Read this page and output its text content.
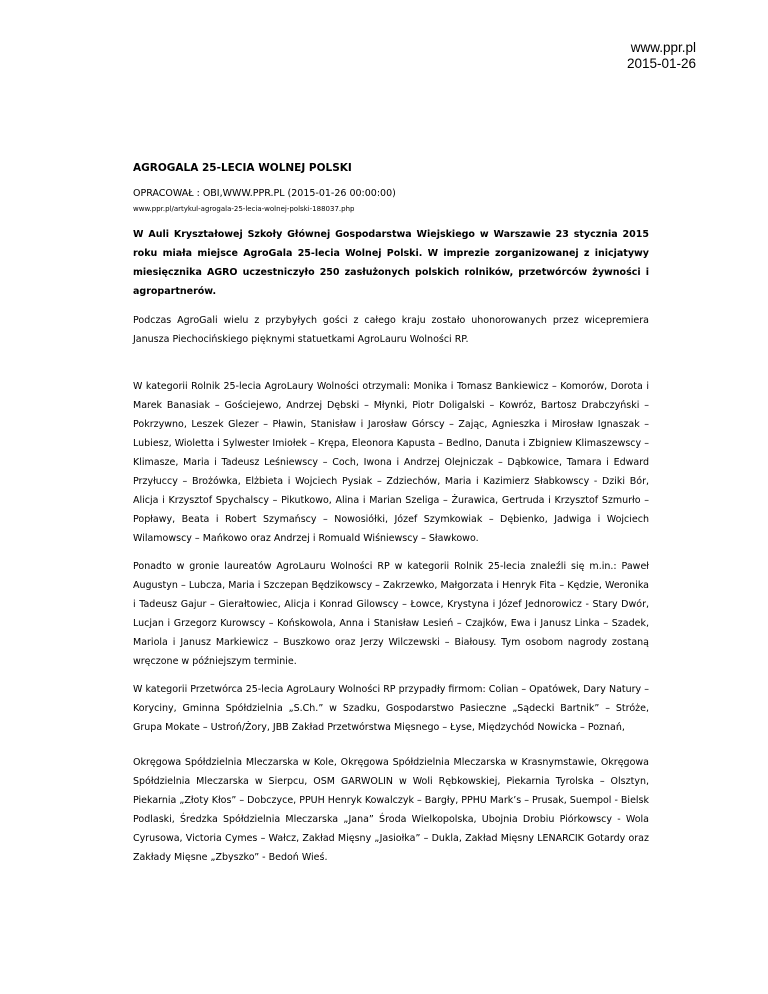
www.ppr.pl
2015-01-26
AGROGALA 25-LECIA WOLNEJ POLSKI
OPRACOWAŁ : OBI,WWW.PPR.PL (2015-01-26 00:00:00)
www.ppr.pl/artykul-agrogala-25-lecia-wolnej-polski-188037.php

W Auli Kryształowej Szkoły Głównej Gospodarstwa Wiejskiego w Warszawie 23 stycznia 2015 roku miała miejsce AgroGala 25-lecia Wolnej Polski. W imprezie zorganizowanej z inicjatywy miesięcznika AGRO uczestniczyło 250 zasłużonych polskich rolników, przetwórców żywności i agropartnerów.

Podczas AgroGali wielu z przybyłych gości z całego kraju zostało uhonorowanych przez wicepremiera Janusza Piechocińskiego pięknymi statuetkami AgroLauru Wolności RP.

W kategorii Rolnik 25-lecia AgroLaury Wolności otrzymali: Monika i Tomasz Bankiewicz – Komorów, Dorota i Marek Banasiak – Gościejewo, Andrzej Dębski – Młynki, Piotr Doligalski – Kowróz, Bartosz Drabczyński – Pokrzywno, Leszek Glezer – Pławin, Stanisław i Jarosław Górscy – Zając, Agnieszka i Mirosław Ignaszak – Lubiesz, Wioletta i Sylwester Imiołek – Krępa, Eleonora Kapusta – Bedlno, Danuta i Zbigniew Klimaszewscy – Klimasze, Maria i Tadeusz Leśniewscy – Coch, Iwona i Andrzej Olejniczak – Dąbkowice, Tamara i Edward Przyłuccy – Brożówka, Elżbieta i Wojciech Pysiak – Zdziechów, Maria i Kazimierz Słabkowscy - Dziki Bór, Alicja i Krzysztof Spychalscy – Pikutkowo, Alina i Marian Szeliga – Żurawica, Gertruda i Krzysztof Szmurło – Popławy, Beata i Robert Szymańscy – Nowosiółki, Józef Szymkowiak – Dębienko, Jadwiga i Wojciech Wilamowscy – Mańkowo oraz Andrzej i Romuald Wiśniewscy – Sławkowo.

Ponadto w gronie laureatów AgroLauru Wolności RP w kategorii Rolnik 25-lecia znaleźli się m.in.: Paweł Augustyn – Lubcza, Maria i Szczepan Będzikowscy – Zakrzewko, Małgorzata i Henryk Fita – Kędzie, Weronika i Tadeusz Gajur – Gierałtowiec, Alicja i Konrad Gilowscy – Łowce, Krystyna i Józef Jednorowicz - Stary Dwór, Lucjan i Grzegorz Kurowscy – Końskowola, Anna i Stanisław Lesień – Czajków, Ewa i Janusz Linka – Szadek, Mariola i Janusz Markiewicz – Buszkowo oraz Jerzy Wilczewski – Białousy. Tym osobom nagrody zostaną wręczone w późniejszym terminie.

W kategorii Przetwórca 25-lecia AgroLaury Wolności RP przypadły firmom: Colian – Opatówek, Dary Natury – Koryciny, Gminna Spółdzielnia „S.Ch.” w Szadku, Gospodarstwo Pasieczne „Sądecki Bartnik” – Stróże, Grupa Mokate – Ustroń/Żory, JBB Zakład Przetwórstwa Mięsnego – Łyse, Międzychód Nowicka – Poznań,

Okręgowa Spółdzielnia Mleczarska w Kole, Okręgowa Spółdzielnia Mleczarska w Krasnymstawie, Okręgowa Spółdzielnia Mleczarska w Sierpcu, OSM GARWOLIN w Woli Rębkowskiej, Piekarnia Tyrolska – Olsztyn, Piekarnia „Złoty Kłos” – Dobczyce, PPUH Henryk Kowalczyk – Bargły, PPHU Mark’s – Prusak, Suempol - Bielsk Podlaski, Średzka Spółdzielnia Mleczarska „Jana” Środa Wielkopolska, Ubojnia Drobiu Piórkowscy - Wola Cyrusowa, Victoria Cymes – Wałcz, Zakład Mięsny „Jasiołka” – Dukla, Zakład Mięsny LENARCIK Gotardy oraz Zakłady Mięsne „Zbyszko” - Bedoń Wieś.
